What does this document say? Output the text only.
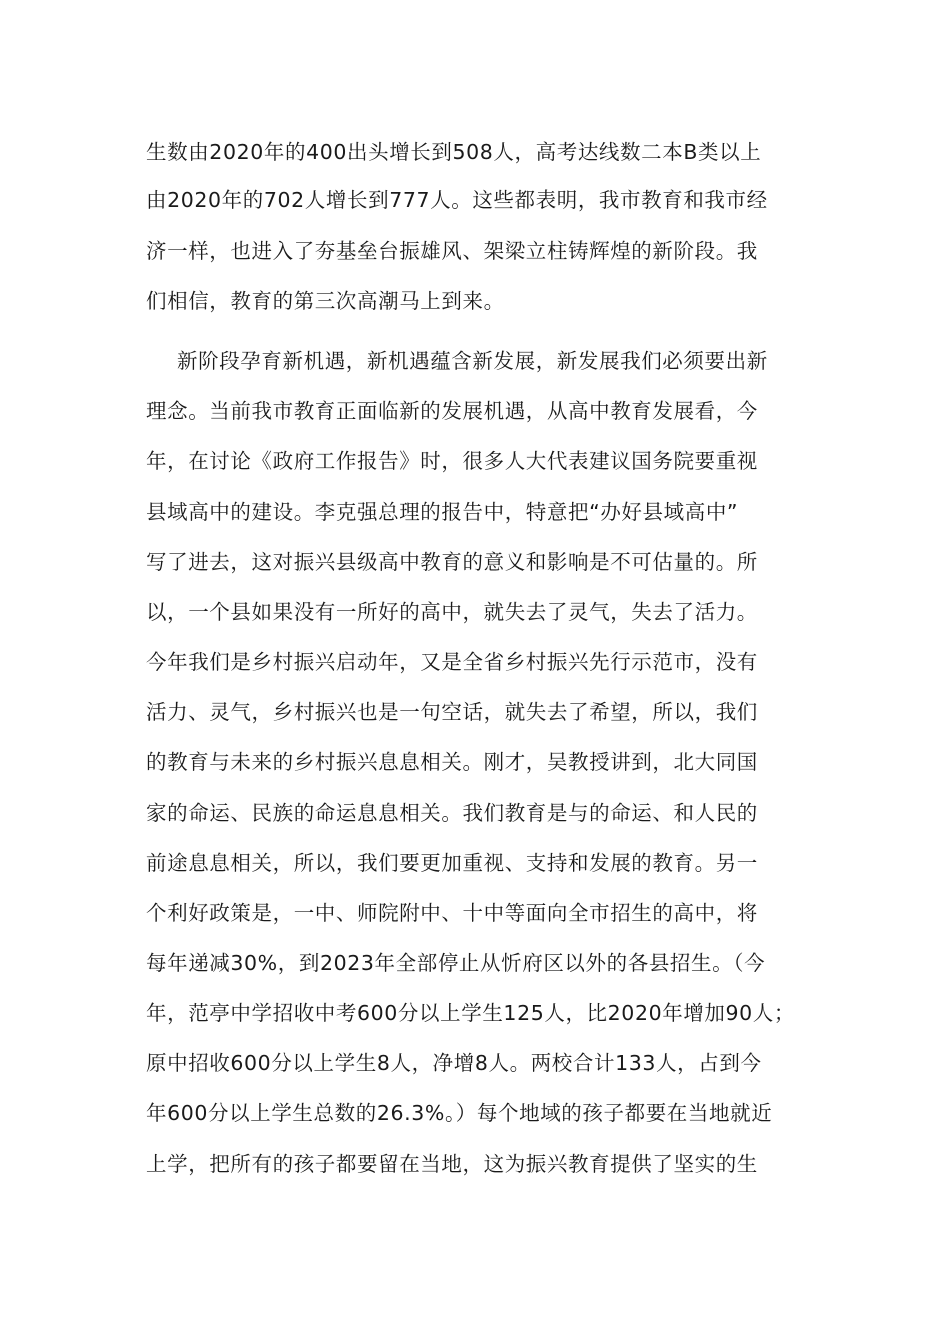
生数由2020年的400出头增长到508人，高考达线数二本B类以上
由2020年的702人增长到777人。这些都表明，我市教育和我市经
济一样，也进入了夯基垒台振雄风、架梁立柱铸辉煌的新阶段。我
们相信，教育的第三次高潮马上到来。
新阶段孕育新机遇，新机遇蕴含新发展，新发展我们必须要出新
理念。当前我市教育正面临新的发展机遇，从高中教育发展看，今
年，在讨论《政府工作报告》时，很多人大代表建议国务院要重视
县域高中的建设。李克强总理的报告中，特意把“办好县域高中”
写了进去，这对振兴县级高中教育的意义和影响是不可估量的。所
以，一个县如果没有一所好的高中，就失去了灵气，失去了活力。
今年我们是乡村振兴启动年，又是全省乡村振兴先行示范市，没有
活力、灵气，乡村振兴也是一句空话，就失去了希望，所以，我们
的教育与未来的乡村振兴息息相关。刚才，吴教授讲到，北大同国
家的命运、民族的命运息息相关。我们教育是与的命运、和人民的
前途息息相关，所以，我们要更加重视、支持和发展的教育。另一
个利好政策是，一中、师院附中、十中等面向全市招生的高中，将
每年递减30%，到2023年全部停止从忻府区以外的各县招生。（今
年，范亭中学招收中考600分以上学生125人，比2020年增加90人；
原中招收600分以上学生8人，净增8人。两校合计133人，占到今
年600分以上学生总数的26.3%。）每个地域的孩子都要在当地就近
上学，把所有的孩子都要留在当地，这为振兴教育提供了坚实的生
